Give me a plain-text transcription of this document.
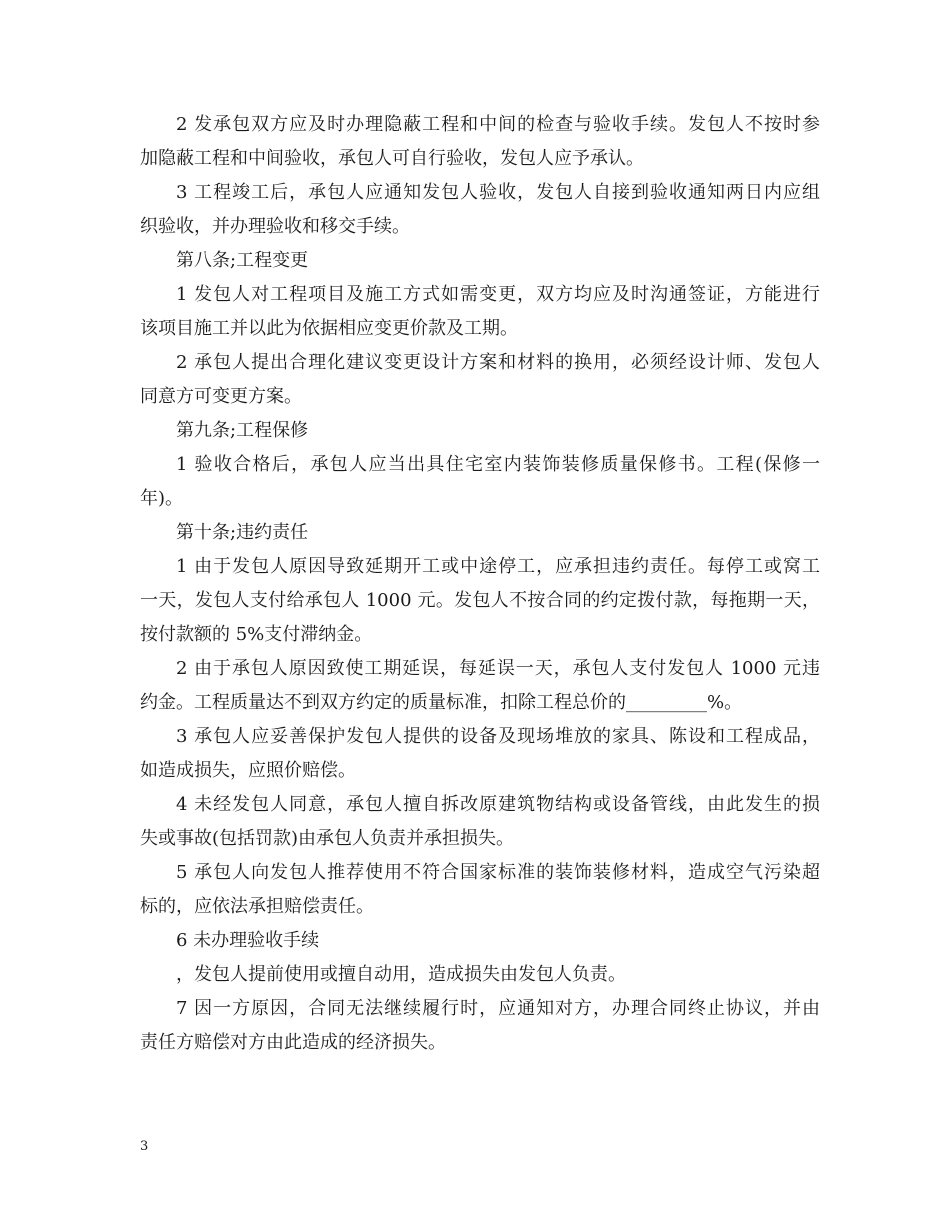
2 发承包双方应及时办理隐蔽工程和中间的检查与验收手续。发包人不按时参
加隐蔽工程和中间验收，承包人可自行验收，发包人应予承认。
3 工程竣工后，承包人应通知发包人验收，发包人自接到验收通知两日内应组
织验收，并办理验收和移交手续。
第八条;工程变更
1 发包人对工程项目及施工方式如需变更，双方均应及时沟通签证，方能进行
该项目施工并以此为依据相应变更价款及工期。
2 承包人提出合理化建议变更设计方案和材料的换用，必须经设计师、发包人
同意方可变更方案。
第九条;工程保修
1 验收合格后，承包人应当出具住宅室内装饰装修质量保修书。工程(保修一
年)。
第十条;违约责任
1 由于发包人原因导致延期开工或中途停工，应承担违约责任。每停工或窝工
一天，发包人支付给承包人 1000 元。发包人不按合同的约定拨付款，每拖期一天，
按付款额的 5%支付滞纳金。
2 由于承包人原因致使工期延误，每延误一天，承包人支付发包人 1000 元违
约金。工程质量达不到双方约定的质量标准，扣除工程总价的_________%。
3 承包人应妥善保护发包人提供的设备及现场堆放的家具、陈设和工程成品，
如造成损失，应照价赔偿。
4 未经发包人同意，承包人擅自拆改原建筑物结构或设备管线，由此发生的损
失或事故(包括罚款)由承包人负责并承担损失。
5 承包人向发包人推荐使用不符合国家标准的装饰装修材料，造成空气污染超
标的，应依法承担赔偿责任。
6 未办理验收手续
，发包人提前使用或擅自动用，造成损失由发包人负责。
7 因一方原因，合同无法继续履行时，应通知对方，办理合同终止协议，并由
责任方赔偿对方由此造成的经济损失。
3
